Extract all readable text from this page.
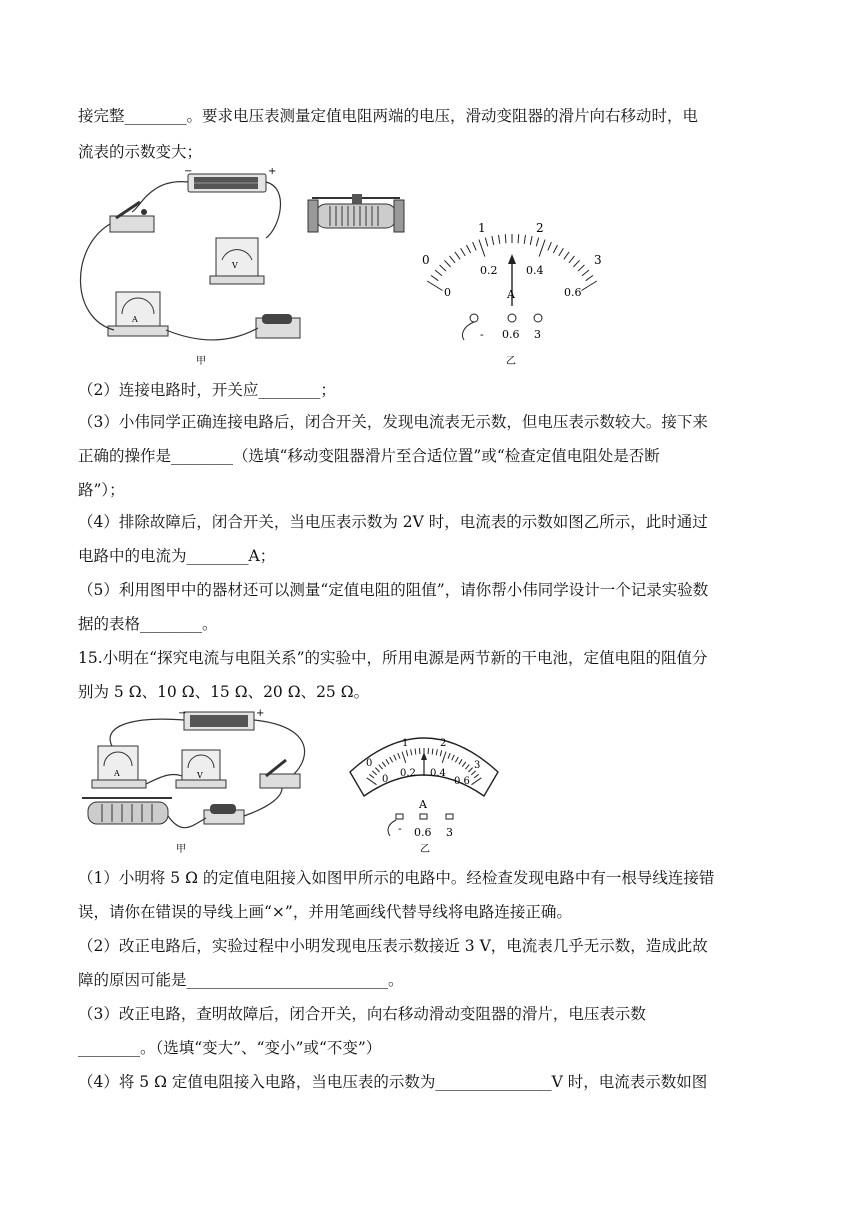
接完整________。要求电压表测量定值电阻两端的电压，滑动变阻器的滑片向右移动时，电
流表的示数变大；
−	+
V
A
甲
0
1	2
3
0
0.2	0.4
0.6
A
- 0.6 3
乙
（2）连接电路时，开关应________；
（3）小伟同学正确连接电路后，闭合开关，发现电流表无示数，但电压表示数较大。接下来
正确的操作是________（选填“移动变阻器滑片至合适位置”或“检查定值电阻处是否断
路”）；
（4）排除故障后，闭合开关，当电压表示数为 2V 时，电流表的示数如图乙所示，此时通过
电路中的电流为________A；
（5）利用图甲中的器材还可以测量“定值电阻的阻值”，请你帮小伟同学设计一个记录实验数
据的表格________。
15.小明在“探究电流与电阻关系”的实验中，所用电源是两节新的干电池，定值电阻的阻值分
别为 5 Ω、10 Ω、15 Ω、20 Ω、25 Ω。
−	+
A	V
甲
0
1	2
3
0
0.2 0.4
0.6
A
- 0.6 3
乙
（1）小明将 5 Ω 的定值电阻接入如图甲所示的电路中。经检查发现电路中有一根导线连接错
误，请你在错误的导线上画“×”，并用笔画线代替导线将电路连接正确。
（2）改正电路后，实验过程中小明发现电压表示数接近 3 V，电流表几乎无示数，造成此故
障的原因可能是__________________________。
（3）改正电路，查明故障后，闭合开关，向右移动滑动变阻器的滑片，电压表示数
________。（选填“变大”、“变小”或“不变”）
（4）将 5 Ω 定值电阻接入电路，当电压表的示数为_______________V 时，电流表示数如图
